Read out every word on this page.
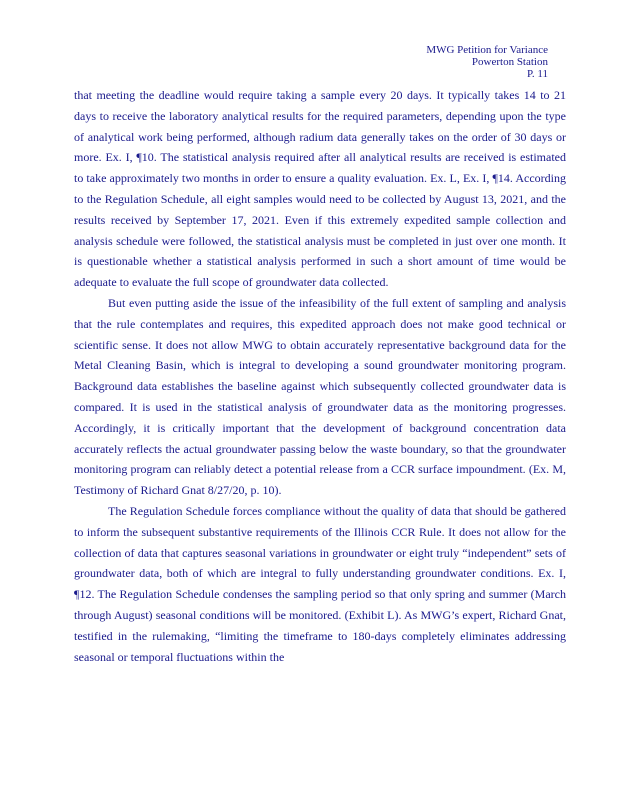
MWG Petition for Variance
Powerton Station
P. 11

that meeting the deadline would require taking a sample every 20 days. It typically takes 14 to 21 days to receive the laboratory analytical results for the required parameters, depending upon the type of analytical work being performed, although radium data generally takes on the order of 30 days or more. Ex. I, ¶10. The statistical analysis required after all analytical results are received is estimated to take approximately two months in order to ensure a quality evaluation. Ex. L, Ex. I, ¶14. According to the Regulation Schedule, all eight samples would need to be collected by August 13, 2021, and the results received by September 17, 2021. Even if this extremely expedited sample collection and analysis schedule were followed, the statistical analysis must be completed in just over one month. It is questionable whether a statistical analysis performed in such a short amount of time would be adequate to evaluate the full scope of groundwater data collected.

But even putting aside the issue of the infeasibility of the full extent of sampling and analysis that the rule contemplates and requires, this expedited approach does not make good technical or scientific sense. It does not allow MWG to obtain accurately representative background data for the Metal Cleaning Basin, which is integral to developing a sound groundwater monitoring program. Background data establishes the baseline against which subsequently collected groundwater data is compared. It is used in the statistical analysis of groundwater data as the monitoring progresses. Accordingly, it is critically important that the development of background concentration data accurately reflects the actual groundwater passing below the waste boundary, so that the groundwater monitoring program can reliably detect a potential release from a CCR surface impoundment. (Ex. M, Testimony of Richard Gnat 8/27/20, p. 10).

The Regulation Schedule forces compliance without the quality of data that should be gathered to inform the subsequent substantive requirements of the Illinois CCR Rule. It does not allow for the collection of data that captures seasonal variations in groundwater or eight truly “independent” sets of groundwater data, both of which are integral to fully understanding groundwater conditions. Ex. I, ¶12. The Regulation Schedule condenses the sampling period so that only spring and summer (March through August) seasonal conditions will be monitored. (Exhibit L). As MWG’s expert, Richard Gnat, testified in the rulemaking, “limiting the timeframe to 180-days completely eliminates addressing seasonal or temporal fluctuations within the
